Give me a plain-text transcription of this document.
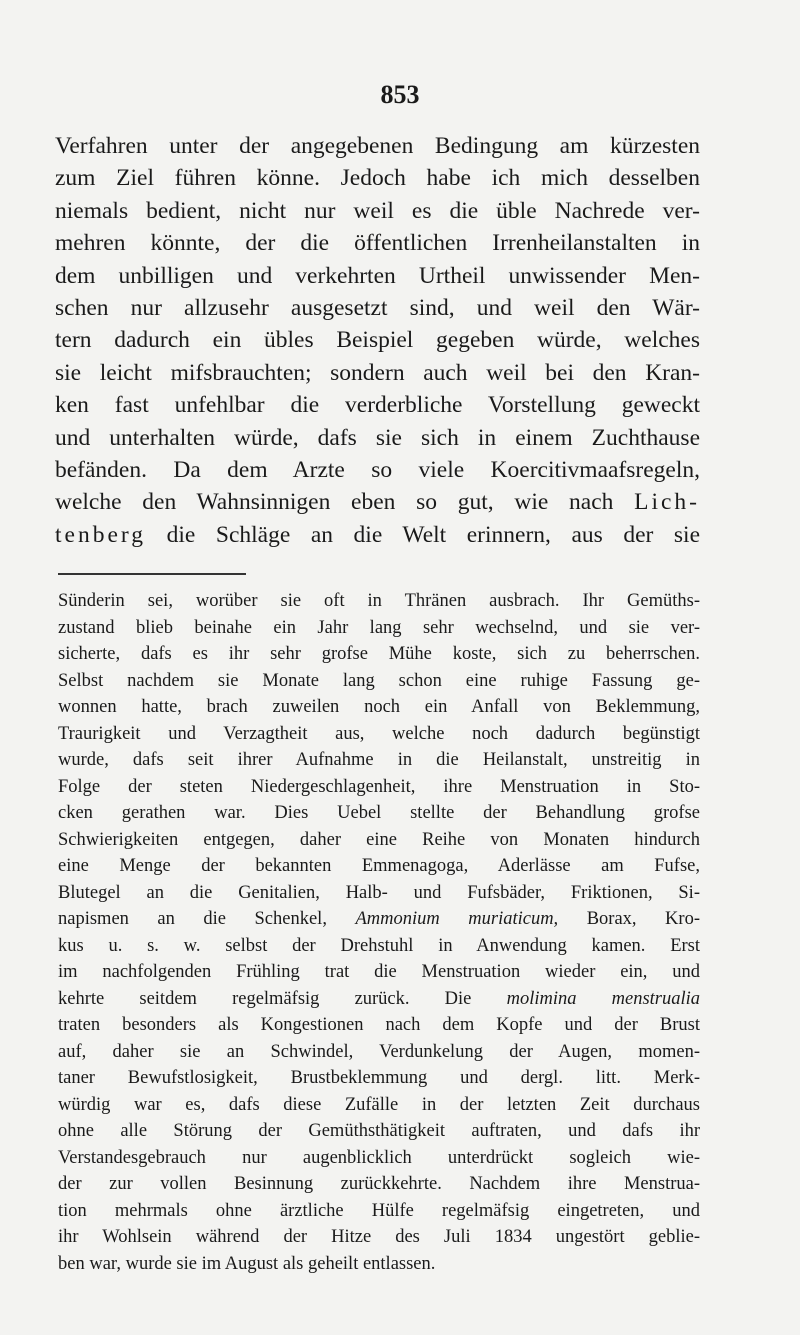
853
Verfahren unter der angegebenen Bedingung am kürzesten
zum Ziel führen könne. Jedoch habe ich mich desselben
niemals bedient, nicht nur weil es die üble Nachrede ver-
mehren könnte, der die öffentlichen Irrenheilanstalten in
dem unbilligen und verkehrten Urtheil unwissender Men-
schen nur allzusehr ausgesetzt sind, und weil den Wär-
tern dadurch ein übles Beispiel gegeben würde, welches
sie leicht mifsbrauchten; sondern auch weil bei den Kran-
ken fast unfehlbar die verderbliche Vorstellung geweckt
und unterhalten würde, dafs sie sich in einem Zuchthause
befänden. Da dem Arzte so viele Koercitivmaafsregeln,
welche den Wahnsinnigen eben so gut, wie nach Lich-
tenberg die Schläge an die Welt erinnern, aus der sie
Sünderin sei, worüber sie oft in Thränen ausbrach. Ihr Gemüths-
zustand blieb beinahe ein Jahr lang sehr wechselnd, und sie ver-
sicherte, dafs es ihr sehr grofse Mühe koste, sich zu beherrschen.
Selbst nachdem sie Monate lang schon eine ruhige Fassung ge-
wonnen hatte, brach zuweilen noch ein Anfall von Beklemmung,
Traurigkeit und Verzagtheit aus, welche noch dadurch begünstigt
wurde, dafs seit ihrer Aufnahme in die Heilanstalt, unstreitig in
Folge der steten Niedergeschlagenheit, ihre Menstruation in Sto-
cken gerathen war. Dies Uebel stellte der Behandlung grofse
Schwierigkeiten entgegen, daher eine Reihe von Monaten hindurch
eine Menge der bekannten Emmenagoga, Aderlässe am Fufse,
Blutegel an die Genitalien, Halb- und Fufsbäder, Friktionen, Si-
napismen an die Schenkel, Ammonium muriaticum, Borax, Kro-
kus u. s. w. selbst der Drehstuhl in Anwendung kamen. Erst
im nachfolgenden Frühling trat die Menstruation wieder ein, und
kehrte seitdem regelmäfsig zurück. Die molimina menstrualia
traten besonders als Kongestionen nach dem Kopfe und der Brust
auf, daher sie an Schwindel, Verdunkelung der Augen, momen-
taner Bewufstlosigkeit, Brustbeklemmung und dergl. litt. Merk-
würdig war es, dafs diese Zufälle in der letzten Zeit durchaus
ohne alle Störung der Gemüthsthätigkeit auftraten, und dafs ihr
Verstandesgebrauch nur augenblicklich unterdrückt sogleich wie-
der zur vollen Besinnung zurückkehrte. Nachdem ihre Menstrua-
tion mehrmals ohne ärztliche Hülfe regelmäfsig eingetreten, und
ihr Wohlsein während der Hitze des Juli 1834 ungestört geblie-
ben war, wurde sie im August als geheilt entlassen.
